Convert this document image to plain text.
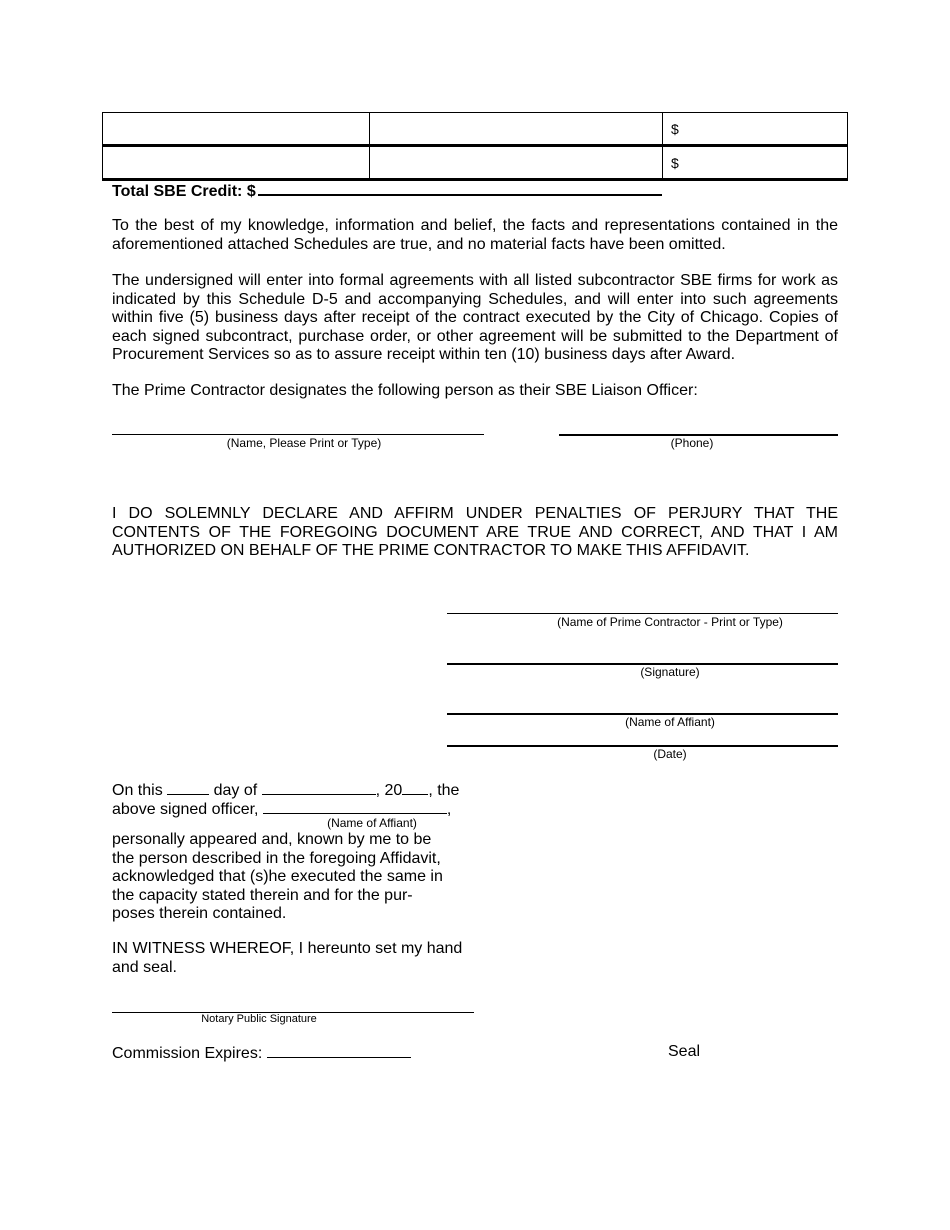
		$
		$
Total SBE Credit: $

To the best of my knowledge, information and belief, the facts and representations contained in the aforementioned attached Schedules are true, and no material facts have been omitted.

The undersigned will enter into formal agreements with all listed subcontractor SBE firms for work as indicated by this Schedule D-5 and accompanying Schedules, and will enter into such agreements within five (5) business days after receipt of the contract executed by the City of Chicago. Copies of each signed subcontract, purchase order, or other agreement will be submitted to the Department of Procurement Services so as to assure receipt within ten (10) business days after Award.

The Prime Contractor designates the following person as their SBE Liaison Officer:

(Name, Please Print or Type)	(Phone)

I DO SOLEMNLY DECLARE AND AFFIRM UNDER PENALTIES OF PERJURY THAT THE CONTENTS OF THE FOREGOING DOCUMENT ARE TRUE AND CORRECT, AND THAT I AM AUTHORIZED ON BEHALF OF THE PRIME CONTRACTOR TO MAKE THIS AFFIDAVIT.

(Name of Prime Contractor - Print or Type)
(Signature)
(Name of Affiant)
(Date)
On this	day of	, 20 , the
above signed officer,	,
(Name of Affiant)

personally appeared and, known by me to be the person described in the foregoing Affidavit, acknowledged that (s)he executed the same in the capacity stated therein and for the pur-poses therein contained.

IN WITNESS WHEREOF, I hereunto set my hand and seal.

Notary Public Signature
Commission Expires:	Seal
